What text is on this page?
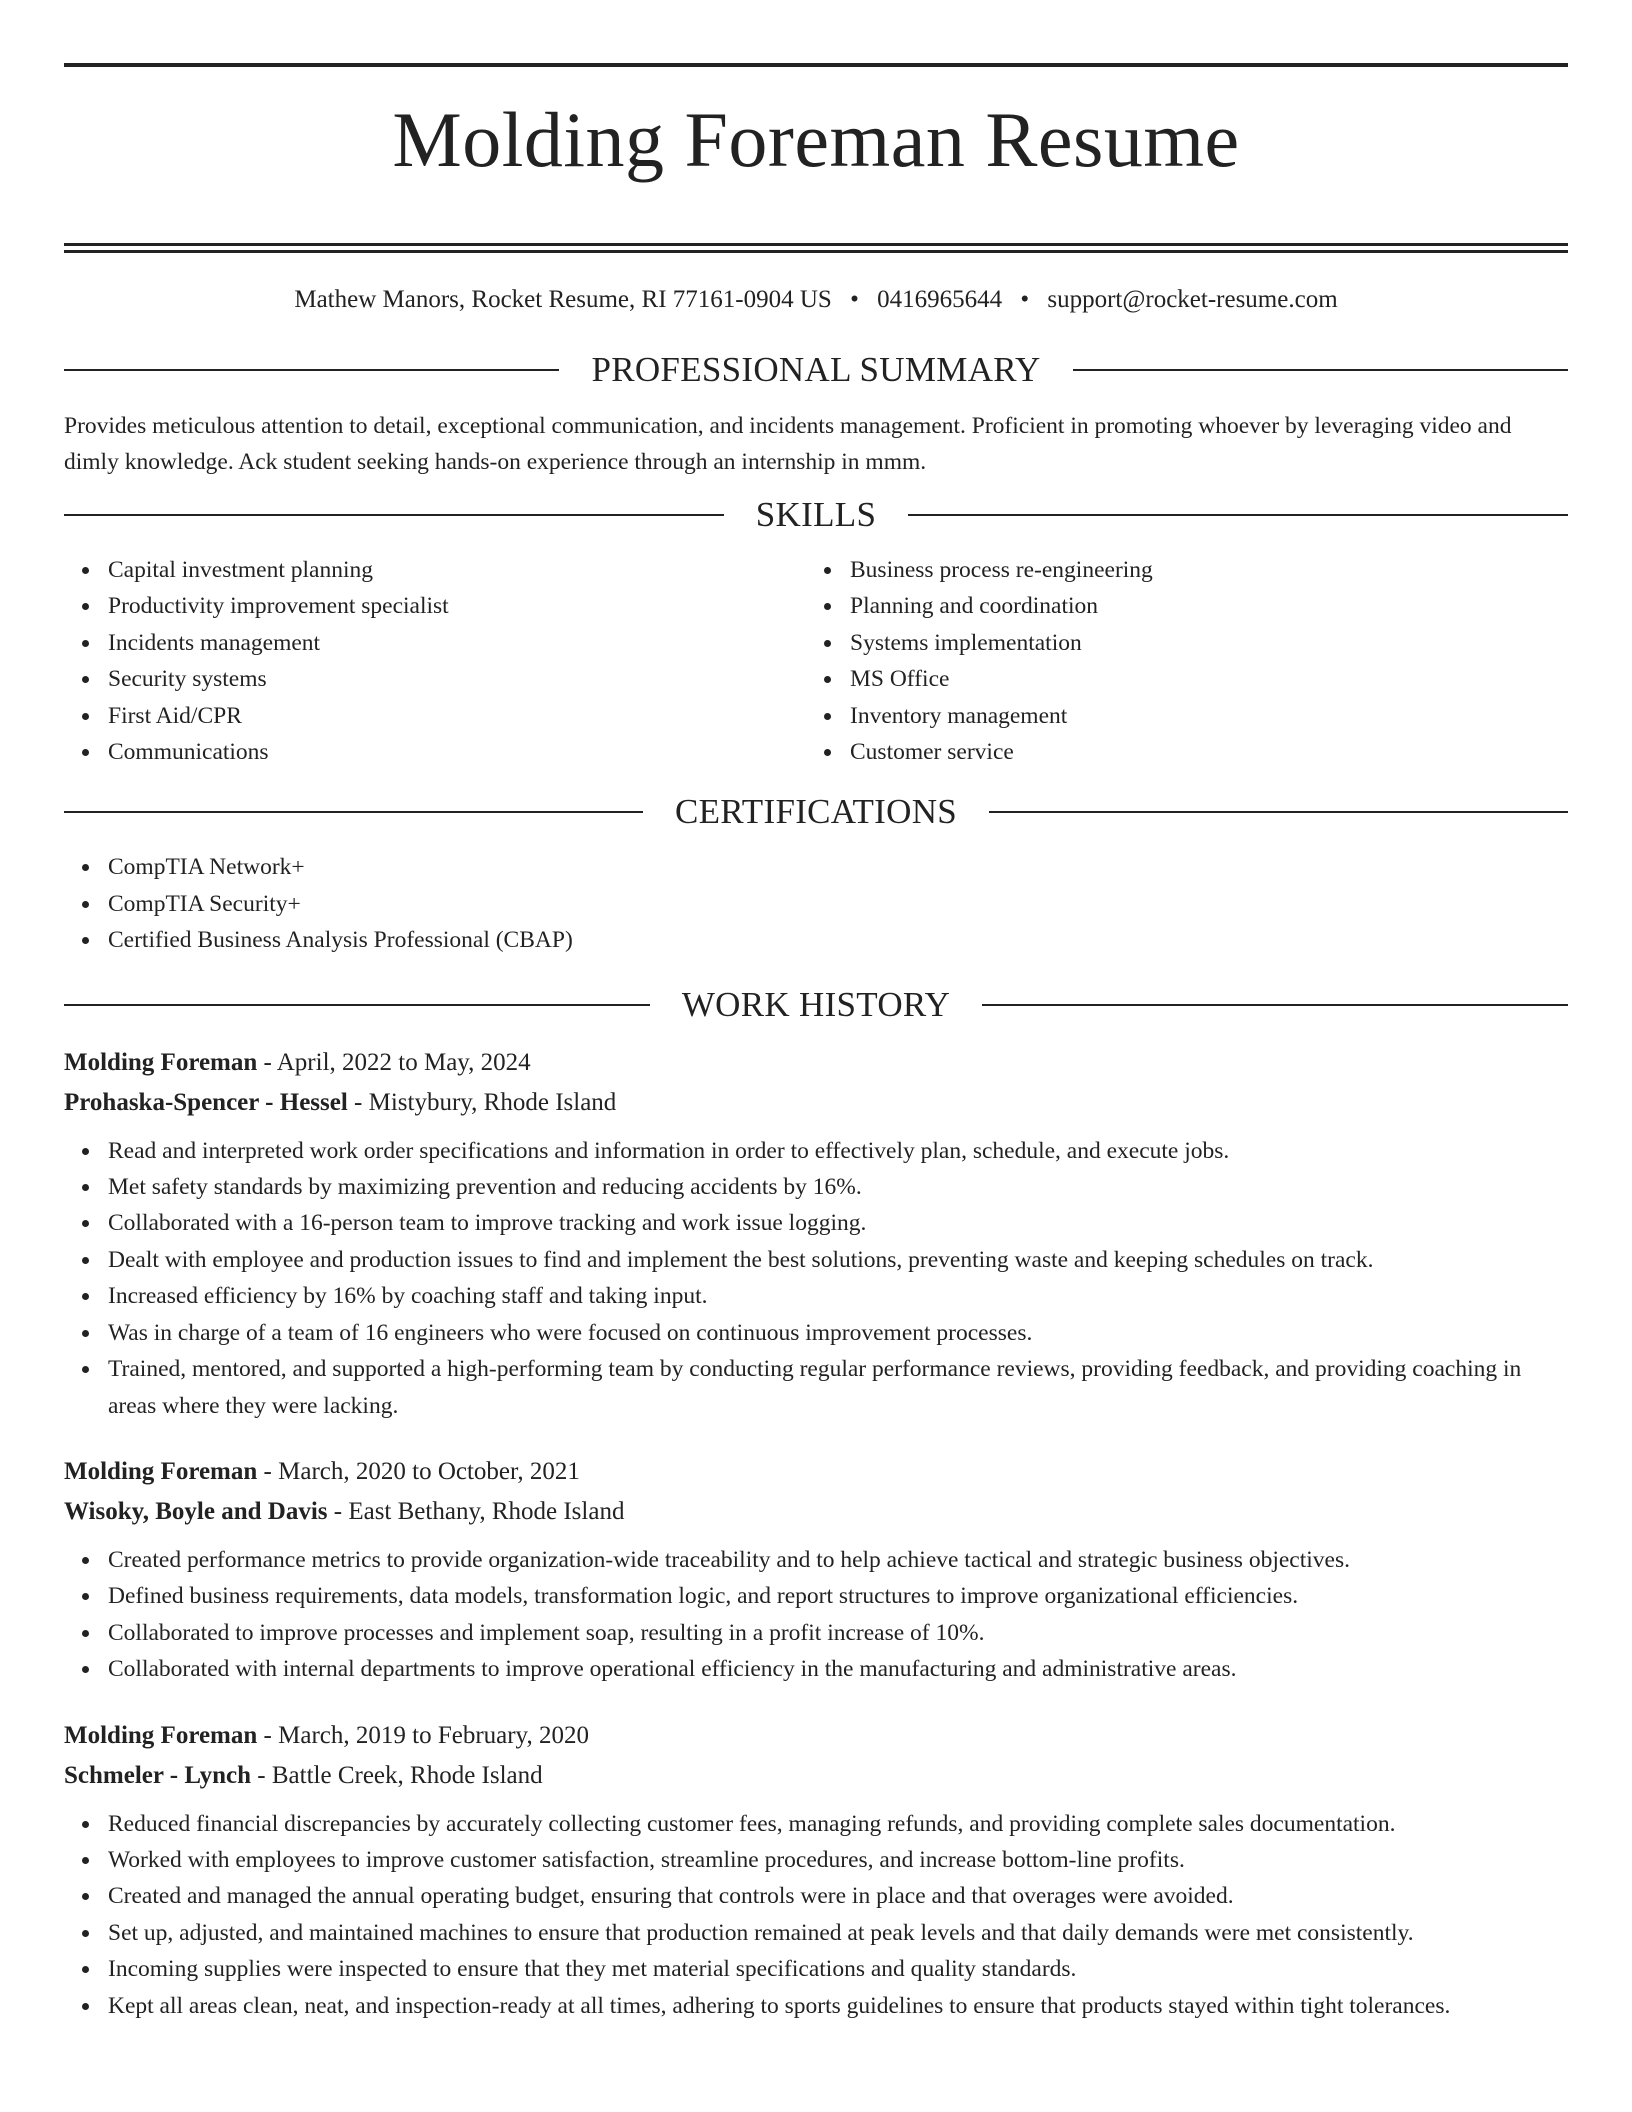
Molding Foreman Resume
Mathew Manors, Rocket Resume, RI 77161-0904 US • 0416965644 • support@rocket-resume.com
PROFESSIONAL SUMMARY

Provides meticulous attention to detail, exceptional communication, and incidents management. Proficient in promoting whoever by leveraging video and dimly knowledge. Ack student seeking hands-on experience through an internship in mmm.

SKILLS
Capital investment planning
Productivity improvement specialist
Incidents management
Security systems
First Aid/CPR
Communications
Business process re-engineering
Planning and coordination
Systems implementation
MS Office
Inventory management
Customer service
CERTIFICATIONS
CompTIA Network+
CompTIA Security+
Certified Business Analysis Professional (CBAP)
WORK HISTORY
Molding Foreman - April, 2022 to May, 2024
Prohaska-Spencer - Hessel - Mistybury, Rhode Island
Read and interpreted work order specifications and information in order to effectively plan, schedule, and execute jobs.
Met safety standards by maximizing prevention and reducing accidents by 16%.
Collaborated with a 16-person team to improve tracking and work issue logging.
Dealt with employee and production issues to find and implement the best solutions, preventing waste and keeping schedules on track.
Increased efficiency by 16% by coaching staff and taking input.
Was in charge of a team of 16 engineers who were focused on continuous improvement processes.
Trained, mentored, and supported a high-performing team by conducting regular performance reviews, providing feedback, and providing coaching in areas where they were lacking.
Molding Foreman - March, 2020 to October, 2021
Wisoky, Boyle and Davis - East Bethany, Rhode Island
Created performance metrics to provide organization-wide traceability and to help achieve tactical and strategic business objectives.
Defined business requirements, data models, transformation logic, and report structures to improve organizational efficiencies.
Collaborated to improve processes and implement soap, resulting in a profit increase of 10%.
Collaborated with internal departments to improve operational efficiency in the manufacturing and administrative areas.
Molding Foreman - March, 2019 to February, 2020
Schmeler - Lynch - Battle Creek, Rhode Island
Reduced financial discrepancies by accurately collecting customer fees, managing refunds, and providing complete sales documentation.
Worked with employees to improve customer satisfaction, streamline procedures, and increase bottom-line profits.
Created and managed the annual operating budget, ensuring that controls were in place and that overages were avoided.
Set up, adjusted, and maintained machines to ensure that production remained at peak levels and that daily demands were met consistently.
Incoming supplies were inspected to ensure that they met material specifications and quality standards.
Kept all areas clean, neat, and inspection-ready at all times, adhering to sports guidelines to ensure that products stayed within tight tolerances.
